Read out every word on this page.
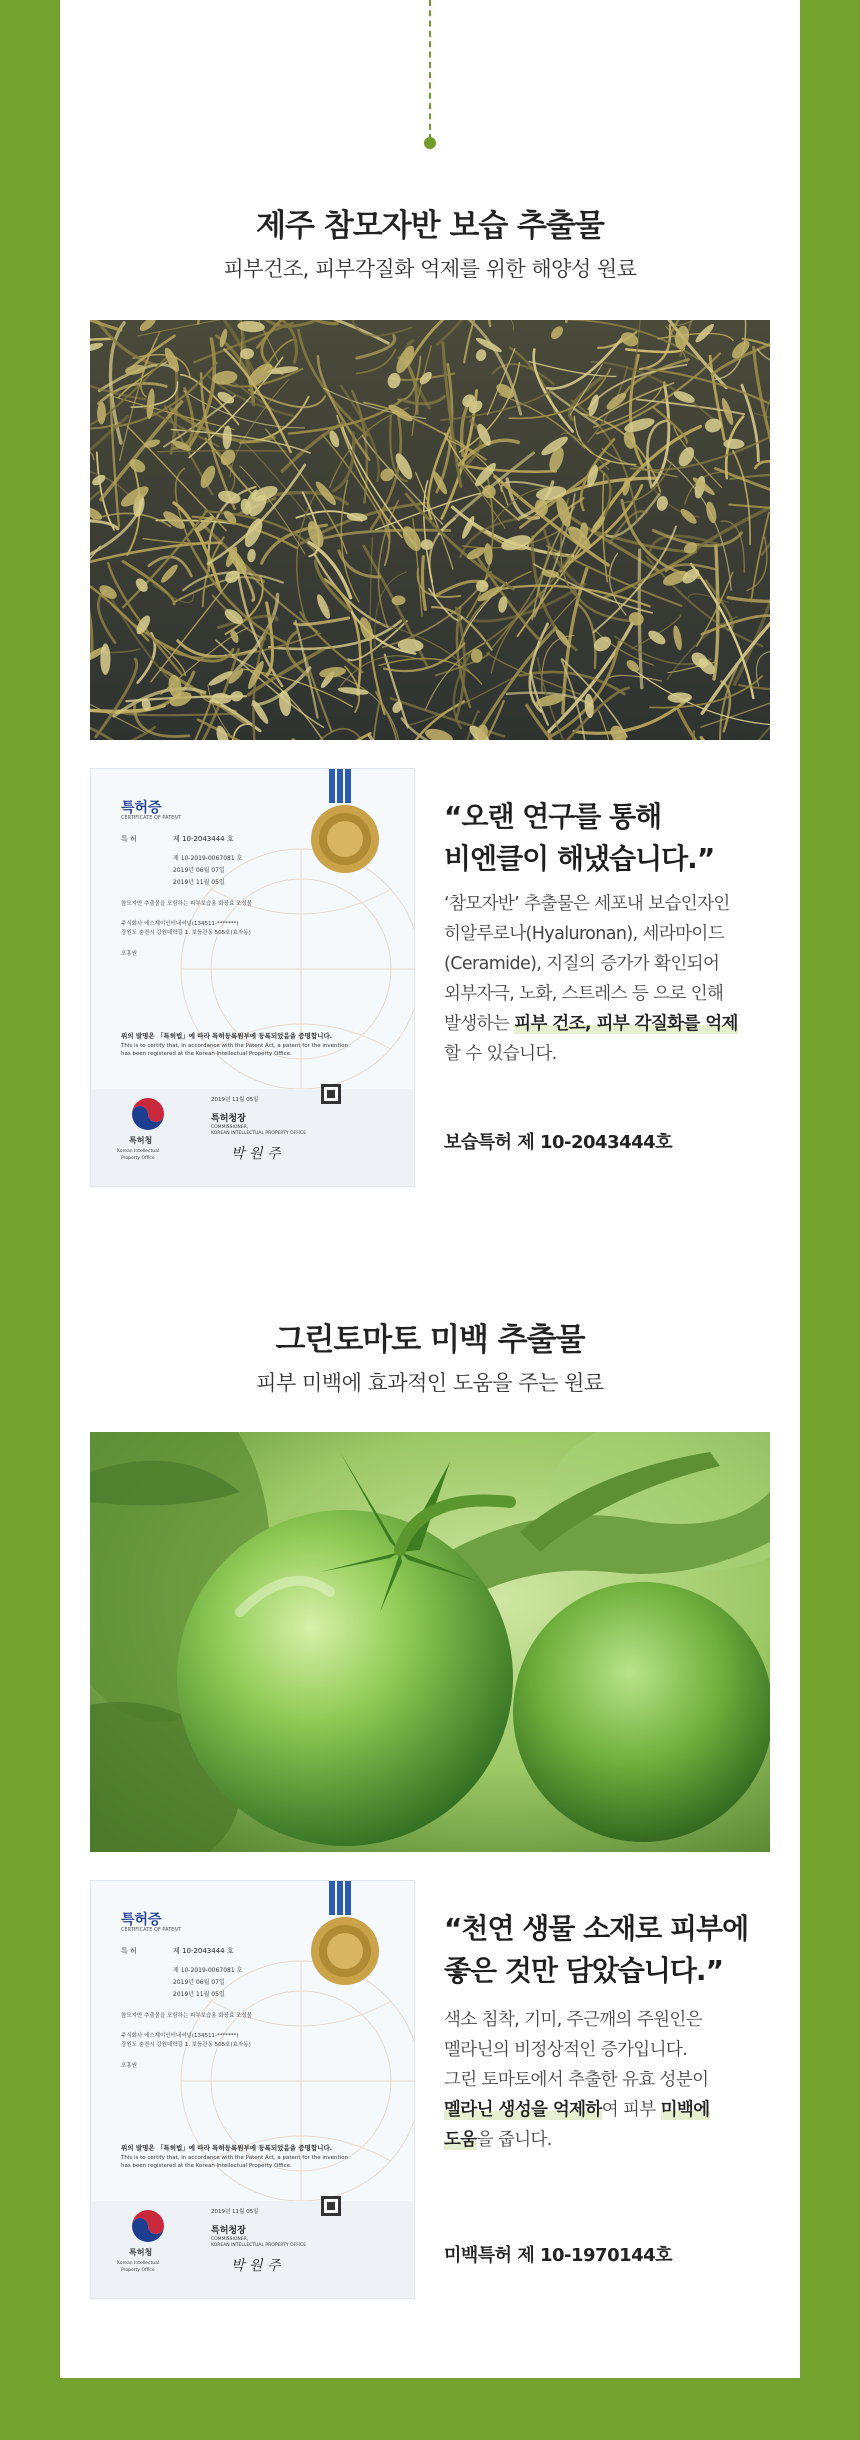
제주 참모자반 보습 추출물
피부건조, 피부각질화 억제를 위한 해양성 원료
특허증
CERTIFICATE OF PATENT
특 허	제 10-2043444 호
제 10-2019-0067081 호
2019년 06월 07일
2019년 11월 05일
참모자반 추출물을 포함하는 피부보습용 화장료 조성물
주식회사 에스제이인터내셔널(134511-*******)
강원도 춘천시 강원대학길 1, 보듬관동 505호(효자동)
오흥원
위의 발명은 「특허법」에 따라 특허등록원부에 등록되었음을 증명합니다.
This is to certify that, in accordance with the Patent Act, a patent for the invention
has been registered at the Korean Intellectual Property Office.
2019년 11월 05일
특허청장
COMMISSIONER,
KOREAN INTELLECTUAL PROPERTY OFFICE
박 원 주
특허청
Korean Intellectual
Property Office
“오랜 연구를 통해
비엔클이 해냈습니다.”
‘참모자반’ 추출물은 세포내 보습인자인
히알루로나(Hyaluronan), 세라마이드
(Ceramide), 지질의 증가가 확인되어
외부자극, 노화, 스트레스 등 으로 인해
발생하는 피부 건조, 피부 각질화를 억제
할 수 있습니다.
보습특허 제 10-2043444호
그린토마토 미백 추출물
피부 미백에 효과적인 도움을 주는 원료
특허증
CERTIFICATE OF PATENT
특 허	제 10-2043444 호
제 10-2019-0067081 호
2019년 06월 07일
2019년 11월 05일
참모자반 추출물을 포함하는 피부보습용 화장료 조성물
주식회사 에스제이인터내셔널(134511-*******)
강원도 춘천시 강원대학길 1, 보듬관동 505호(효자동)
오흥원
위의 발명은 「특허법」에 따라 특허등록원부에 등록되었음을 증명합니다.
This is to certify that, in accordance with the Patent Act, a patent for the invention
has been registered at the Korean Intellectual Property Office.
2019년 11월 05일
특허청장
COMMISSIONER,
KOREAN INTELLECTUAL PROPERTY OFFICE
박 원 주
특허청
Korean Intellectual
Property Office
“천연 생물 소재로 피부에
좋은 것만 담았습니다.”
색소 침착, 기미, 주근깨의 주원인은
멜라닌의 비정상적인 증가입니다.
그린 토마토에서 추출한 유효 성분이
멜라닌 생성을 억제하여 피부 미백에
도움을 줍니다.
미백특허 제 10-1970144호
